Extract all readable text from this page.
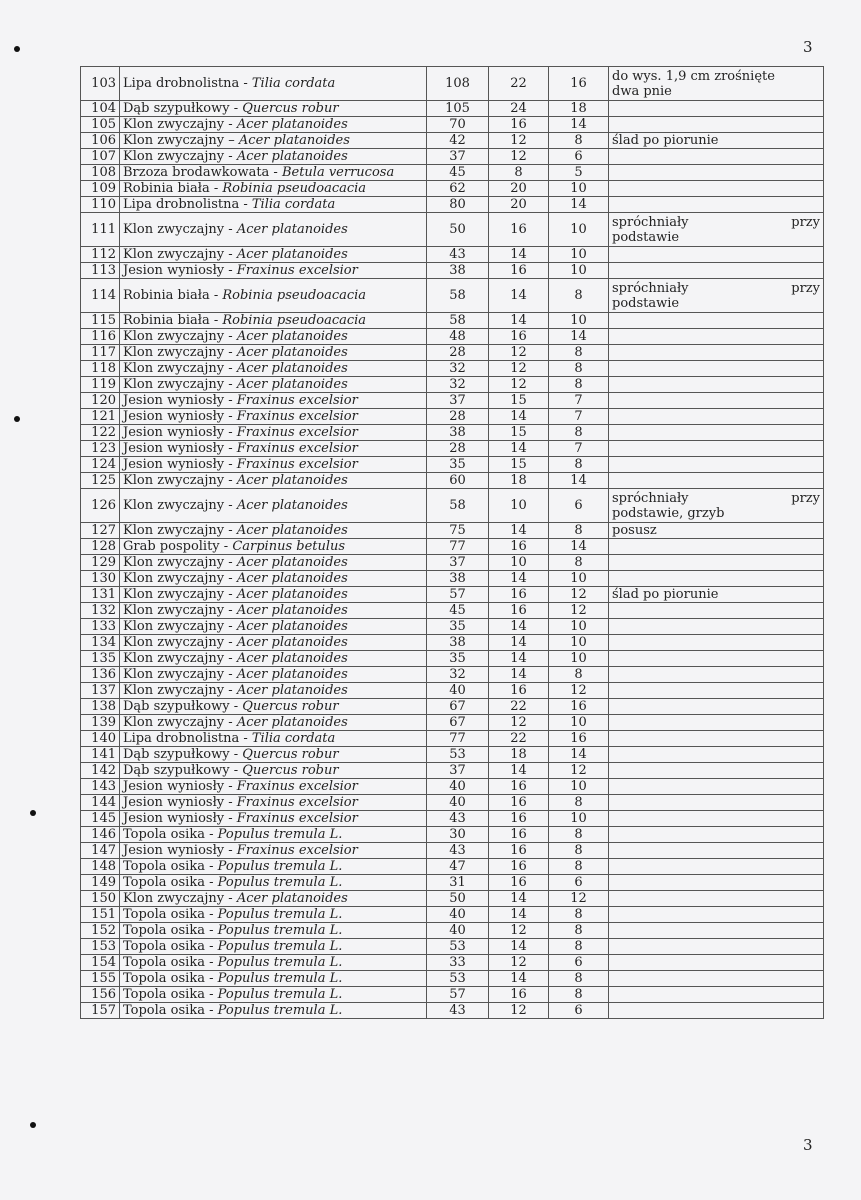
3
103	Lipa drobnolistna - Tilia cordata	108	22	16	do wys. 1,9 cm zrośnięte
dwa pnie

104	Dąb szypułkowy - Quercus robur	105	24	18	
105	Klon zwyczajny - Acer platanoides	70	16	14	
106	Klon zwyczajny – Acer platanoides	42	12	8	ślad po piorunie
107	Klon zwyczajny - Acer platanoides	37	12	6	
108	Brzoza brodawkowata - Betula verrucosa	45	8	5	
109	Robinia biała - Robinia pseudoacacia	62	20	10	
110	Lipa drobnolistna - Tilia cordata	80	20	14	
111	Klon zwyczajny - Acer platanoides	50	16	10	spróchniały przy
podstawie

112	Klon zwyczajny - Acer platanoides	43	14	10	
113	Jesion wyniosły - Fraxinus excelsior	38	16	10	
114	Robinia biała - Robinia pseudoacacia	58	14	8	spróchniały przy
podstawie

115	Robinia biała - Robinia pseudoacacia	58	14	10	
116	Klon zwyczajny - Acer platanoides	48	16	14	
117	Klon zwyczajny - Acer platanoides	28	12	8	
118	Klon zwyczajny - Acer platanoides	32	12	8	
119	Klon zwyczajny - Acer platanoides	32	12	8	
120	Jesion wyniosły - Fraxinus excelsior	37	15	7	
121	Jesion wyniosły - Fraxinus excelsior	28	14	7	
122	Jesion wyniosły - Fraxinus excelsior	38	15	8	
123	Jesion wyniosły - Fraxinus excelsior	28	14	7	
124	Jesion wyniosły - Fraxinus excelsior	35	15	8	
125	Klon zwyczajny - Acer platanoides	60	18	14	
126	Klon zwyczajny - Acer platanoides	58	10	6	spróchniały przy
podstawie, grzyb

127	Klon zwyczajny - Acer platanoides	75	14	8	posusz
128	Grab pospolity - Carpinus betulus	77	16	14	
129	Klon zwyczajny - Acer platanoides	37	10	8	
130	Klon zwyczajny - Acer platanoides	38	14	10	
131	Klon zwyczajny - Acer platanoides	57	16	12	ślad po piorunie
132	Klon zwyczajny - Acer platanoides	45	16	12	
133	Klon zwyczajny - Acer platanoides	35	14	10	
134	Klon zwyczajny - Acer platanoides	38	14	10	
135	Klon zwyczajny - Acer platanoides	35	14	10	
136	Klon zwyczajny - Acer platanoides	32	14	8	
137	Klon zwyczajny - Acer platanoides	40	16	12	
138	Dąb szypułkowy - Quercus robur	67	22	16	
139	Klon zwyczajny - Acer platanoides	67	12	10	
140	Lipa drobnolistna - Tilia cordata	77	22	16	
141	Dąb szypułkowy - Quercus robur	53	18	14	
142	Dąb szypułkowy - Quercus robur	37	14	12	
143	Jesion wyniosły - Fraxinus excelsior	40	16	10	
144	Jesion wyniosły - Fraxinus excelsior	40	16	8	
145	Jesion wyniosły - Fraxinus excelsior	43	16	10	
146	Topola osika - Populus tremula L.	30	16	8	
147	Jesion wyniosły - Fraxinus excelsior	43	16	8	
148	Topola osika - Populus tremula L.	47	16	8	
149	Topola osika - Populus tremula L.	31	16	6	
150	Klon zwyczajny - Acer platanoides	50	14	12	
151	Topola osika - Populus tremula L.	40	14	8	
152	Topola osika - Populus tremula L.	40	12	8	
153	Topola osika - Populus tremula L.	53	14	8	
154	Topola osika - Populus tremula L.	33	12	6	
155	Topola osika - Populus tremula L.	53	14	8	
156	Topola osika - Populus tremula L.	57	16	8	
157	Topola osika - Populus tremula L.	43	12	6	
3
